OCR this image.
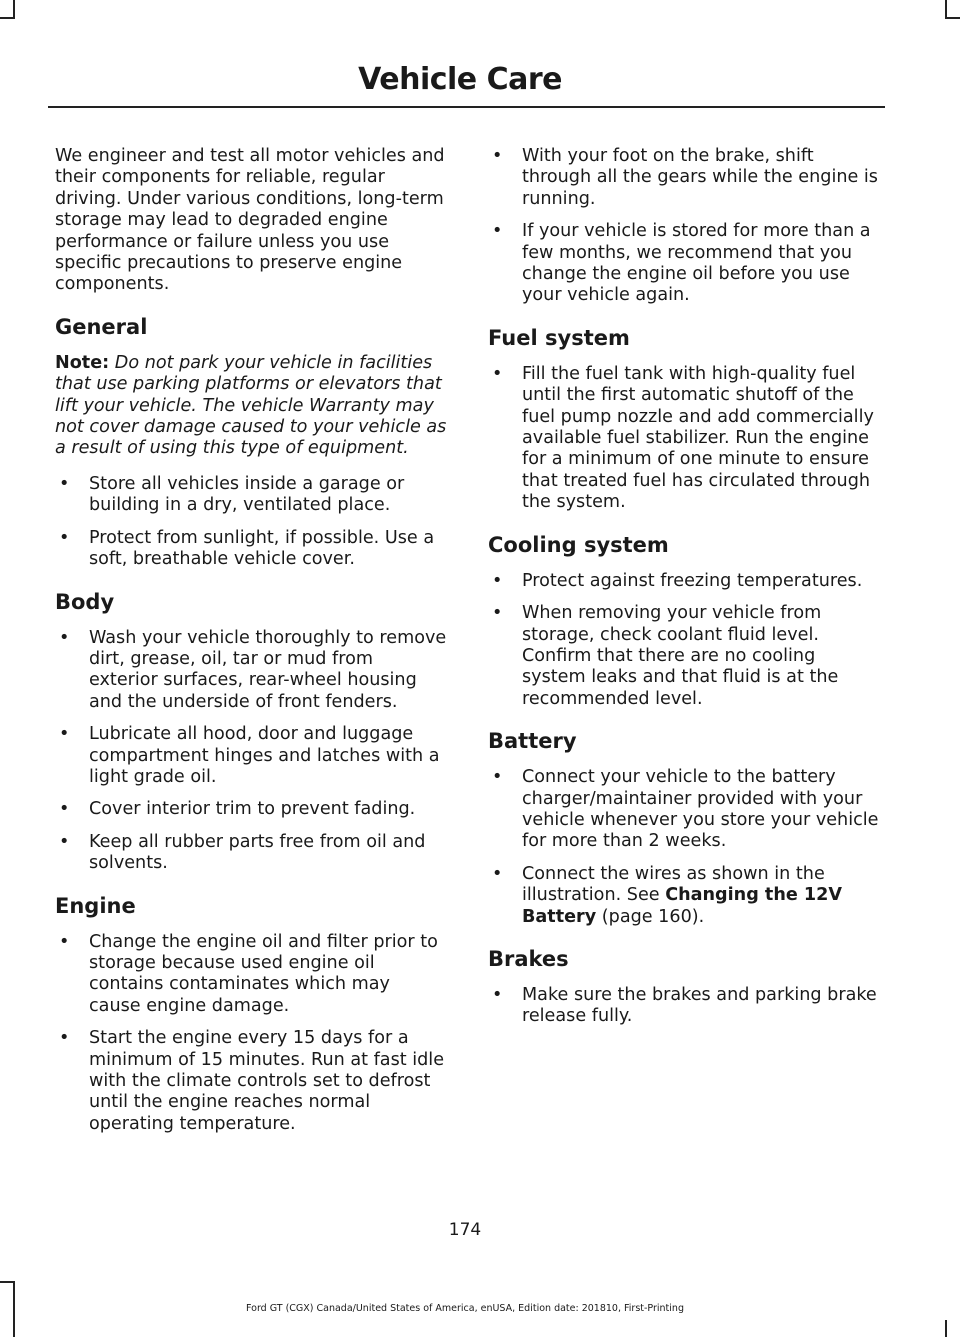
Vehicle Care

We engineer and test all motor vehicles and their components for reliable, regular driving. Under various conditions, long-term storage may lead to degraded engine performance or failure unless you use specific precautions to preserve engine components.

General

Note: Do not park your vehicle in facilities that use parking platforms or elevators that lift your vehicle. The vehicle Warranty may not cover damage caused to your vehicle as a result of using this type of equipment.

• Store all vehicles inside a garage or building in a dry, ventilated place.
• Protect from sunlight, if possible. Use a soft, breathable vehicle cover.
Body
• Wash your vehicle thoroughly to remove dirt, grease, oil, tar or mud from exterior surfaces, rear-wheel housing and the underside of front fenders.
• Lubricate all hood, door and luggage compartment hinges and latches with a light grade oil.
• Cover interior trim to prevent fading.
• Keep all rubber parts free from oil and solvents.
Engine
• Change the engine oil and filter prior to storage because used engine oil contains contaminates which may cause engine damage.
• Start the engine every 15 days for a minimum of 15 minutes. Run at fast idle with the climate controls set to defrost until the engine reaches normal operating temperature.
• With your foot on the brake, shift through all the gears while the engine is running.
• If your vehicle is stored for more than a few months, we recommend that you change the engine oil before you use your vehicle again.
Fuel system
• Fill the fuel tank with high-quality fuel until the first automatic shutoff of the fuel pump nozzle and add commercially available fuel stabilizer. Run the engine for a minimum of one minute to ensure that treated fuel has circulated through the system.
Cooling system
• Protect against freezing temperatures.
• When removing your vehicle from storage, check coolant fluid level. Confirm that there are no cooling system leaks and that fluid is at the recommended level.
Battery
• Connect your vehicle to the battery charger/maintainer provided with your vehicle whenever you store your vehicle for more than 2 weeks.
• Connect the wires as shown in the illustration. See Changing the 12V Battery (page 160).
Brakes
• Make sure the brakes and parking brake release fully.
174
Ford GT (CGX) Canada/United States of America, enUSA, Edition date: 201810, First-Printing
